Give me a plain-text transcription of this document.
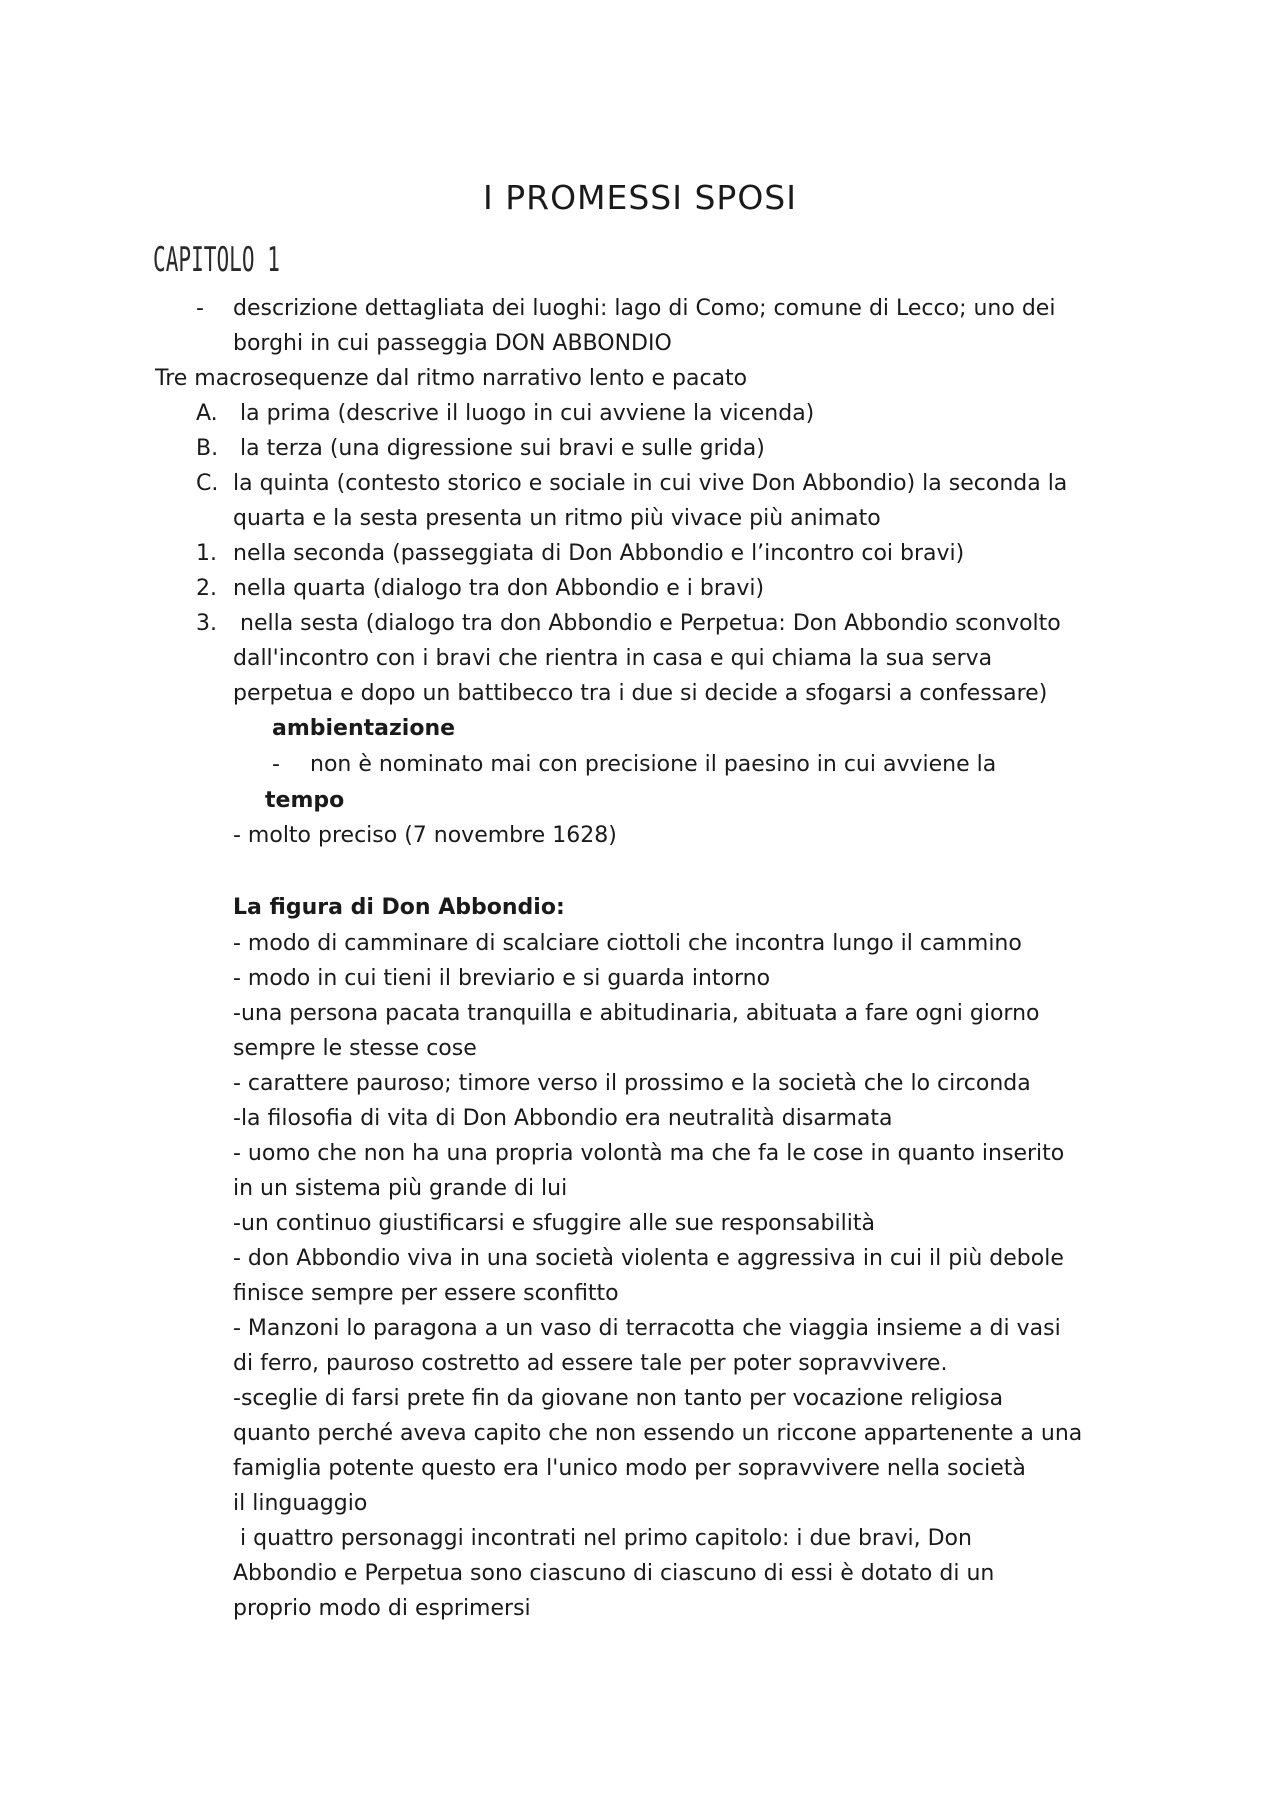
I PROMESSI SPOSI
CAPITOLO 1
- descrizione dettagliata dei luoghi: lago di Como; comune di Lecco; uno dei
borghi in cui passeggia DON ABBONDIO
Tre macrosequenze dal ritmo narrativo lento e pacato
A. la prima (descrive il luogo in cui avviene la vicenda)
B. la terza (una digressione sui bravi e sulle grida)
C. la quinta (contesto storico e sociale in cui vive Don Abbondio) la seconda la
quarta e la sesta presenta un ritmo più vivace più animato
1. nella seconda (passeggiata di Don Abbondio e l’incontro coi bravi)
2. nella quarta (dialogo tra don Abbondio e i bravi)
3. nella sesta (dialogo tra don Abbondio e Perpetua: Don Abbondio sconvolto
dall'incontro con i bravi che rientra in casa e qui chiama la sua serva
perpetua e dopo un battibecco tra i due si decide a sfogarsi a confessare)
ambientazione
- non è nominato mai con precisione il paesino in cui avviene la
tempo
- molto preciso (7 novembre 1628)
La figura di Don Abbondio:
- modo di camminare di scalciare ciottoli che incontra lungo il cammino
- modo in cui tieni il breviario e si guarda intorno
-una persona pacata tranquilla e abitudinaria, abituata a fare ogni giorno
sempre le stesse cose
- carattere pauroso; timore verso il prossimo e la società che lo circonda
-la filosofia di vita di Don Abbondio era neutralità disarmata
- uomo che non ha una propria volontà ma che fa le cose in quanto inserito
in un sistema più grande di lui
-un continuo giustificarsi e sfuggire alle sue responsabilità
- don Abbondio viva in una società violenta e aggressiva in cui il più debole
finisce sempre per essere sconfitto
- Manzoni lo paragona a un vaso di terracotta che viaggia insieme a di vasi
di ferro, pauroso costretto ad essere tale per poter sopravvivere.
-sceglie di farsi prete fin da giovane non tanto per vocazione religiosa
quanto perché aveva capito che non essendo un riccone appartenente a una
famiglia potente questo era l'unico modo per sopravvivere nella società
il linguaggio
i quattro personaggi incontrati nel primo capitolo: i due bravi, Don
Abbondio e Perpetua sono ciascuno di ciascuno di essi è dotato di un
proprio modo di esprimersi
